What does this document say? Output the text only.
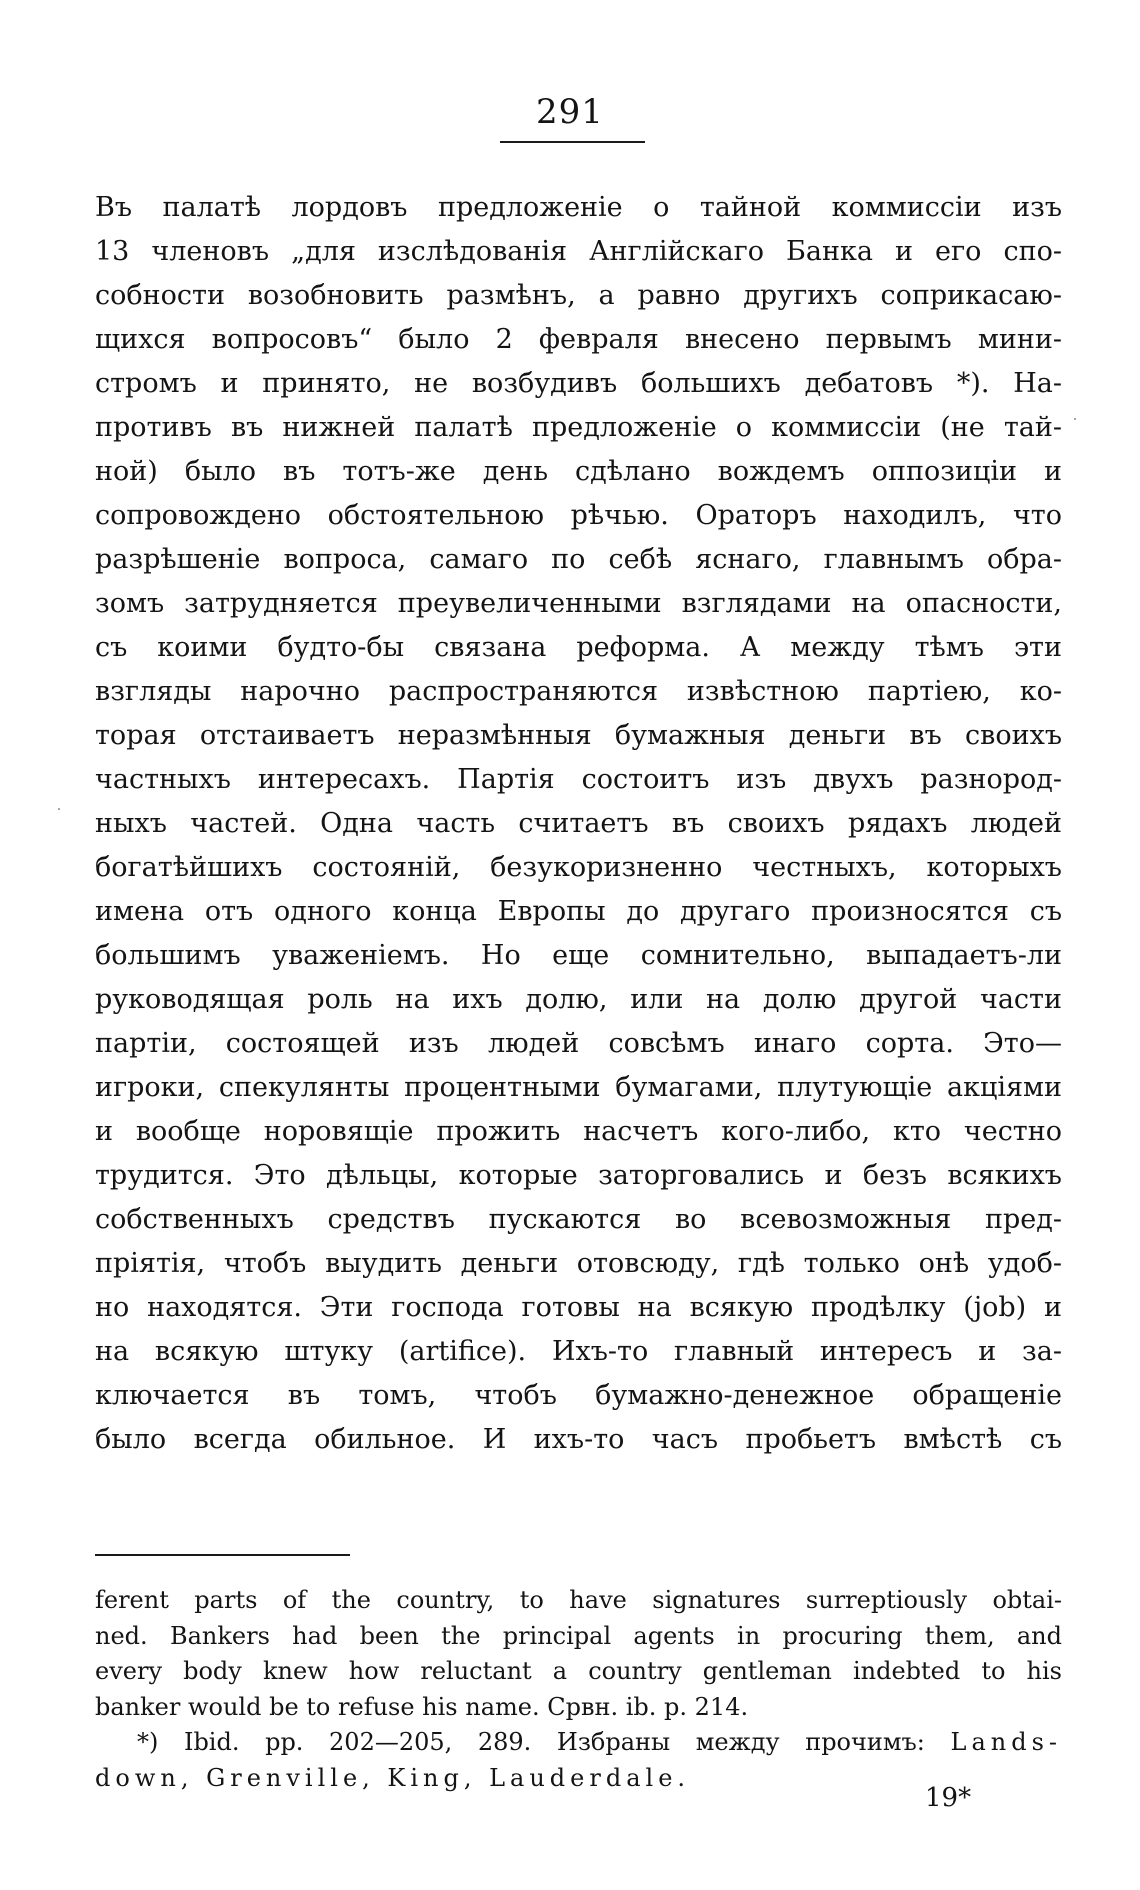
291
Въ палатѣ лордовъ предложеніе о тайной коммиссіи изъ
13 членовъ „для изслѣдованія Англійскаго Банка и его спо-
собности возобновить размѣнъ, а равно другихъ соприкасаю-
щихся вопросовъ“ было 2 февраля внесено первымъ мини-
стромъ и принято, не возбудивъ большихъ дебатовъ *). На-
противъ въ нижней палатѣ предложеніе о коммиссіи (не тай-
ной) было въ тотъ-же день сдѣлано вождемъ оппозиціи и
сопровождено обстоятельною рѣчью. Ораторъ находилъ, что
разрѣшеніе вопроса, самаго по себѣ яснаго, главнымъ обра-
зомъ затрудняется преувеличенными взглядами на опасности,
съ коими будто-бы связана реформа. А между тѣмъ эти
взгляды нарочно распространяются извѣстною партіею, ко-
торая отстаиваетъ неразмѣнныя бумажныя деньги въ своихъ
частныхъ интересахъ. Партія состоитъ изъ двухъ разнород-
ныхъ частей. Одна часть считаетъ въ своихъ рядахъ людей
богатѣйшихъ состояній, безукоризненно честныхъ, которыхъ
имена отъ одного конца Европы до другаго произносятся съ
большимъ уваженіемъ. Но еще сомнительно, выпадаетъ-ли
руководящая роль на ихъ долю, или на долю другой части
партіи, состоящей изъ людей совсѣмъ инаго сорта. Это—
игроки, спекулянты процентными бумагами, плутующіе акціями
и вообще норовящіе прожить насчетъ кого-либо, кто честно
трудится. Это дѣльцы, которые заторговались и безъ всякихъ
собственныхъ средствъ пускаются во всевозможныя пред-
пріятія, чтобъ выудить деньги отовсюду, гдѣ только онѣ удоб-
но находятся. Эти господа готовы на всякую продѣлку (job) и
на всякую штуку (artifice). Ихъ-то главный интересъ и за-
ключается въ томъ, чтобъ бумажно-денежное обращеніе
было всегда обильное. И ихъ-то часъ пробьетъ вмѣстѣ съ
ferent parts of the country, to have signatures surreptiously obtai-
ned. Bankers had been the principal agents in procuring them, and
every body knew how reluctant a country gentleman indebted to his
banker would be to refuse his name. Срвн. ib. p. 214.
*) Ibid. pp. 202—205, 289. Избраны между прочимъ: Lands-
down, Grenville, King, Lauderdale.
19*
